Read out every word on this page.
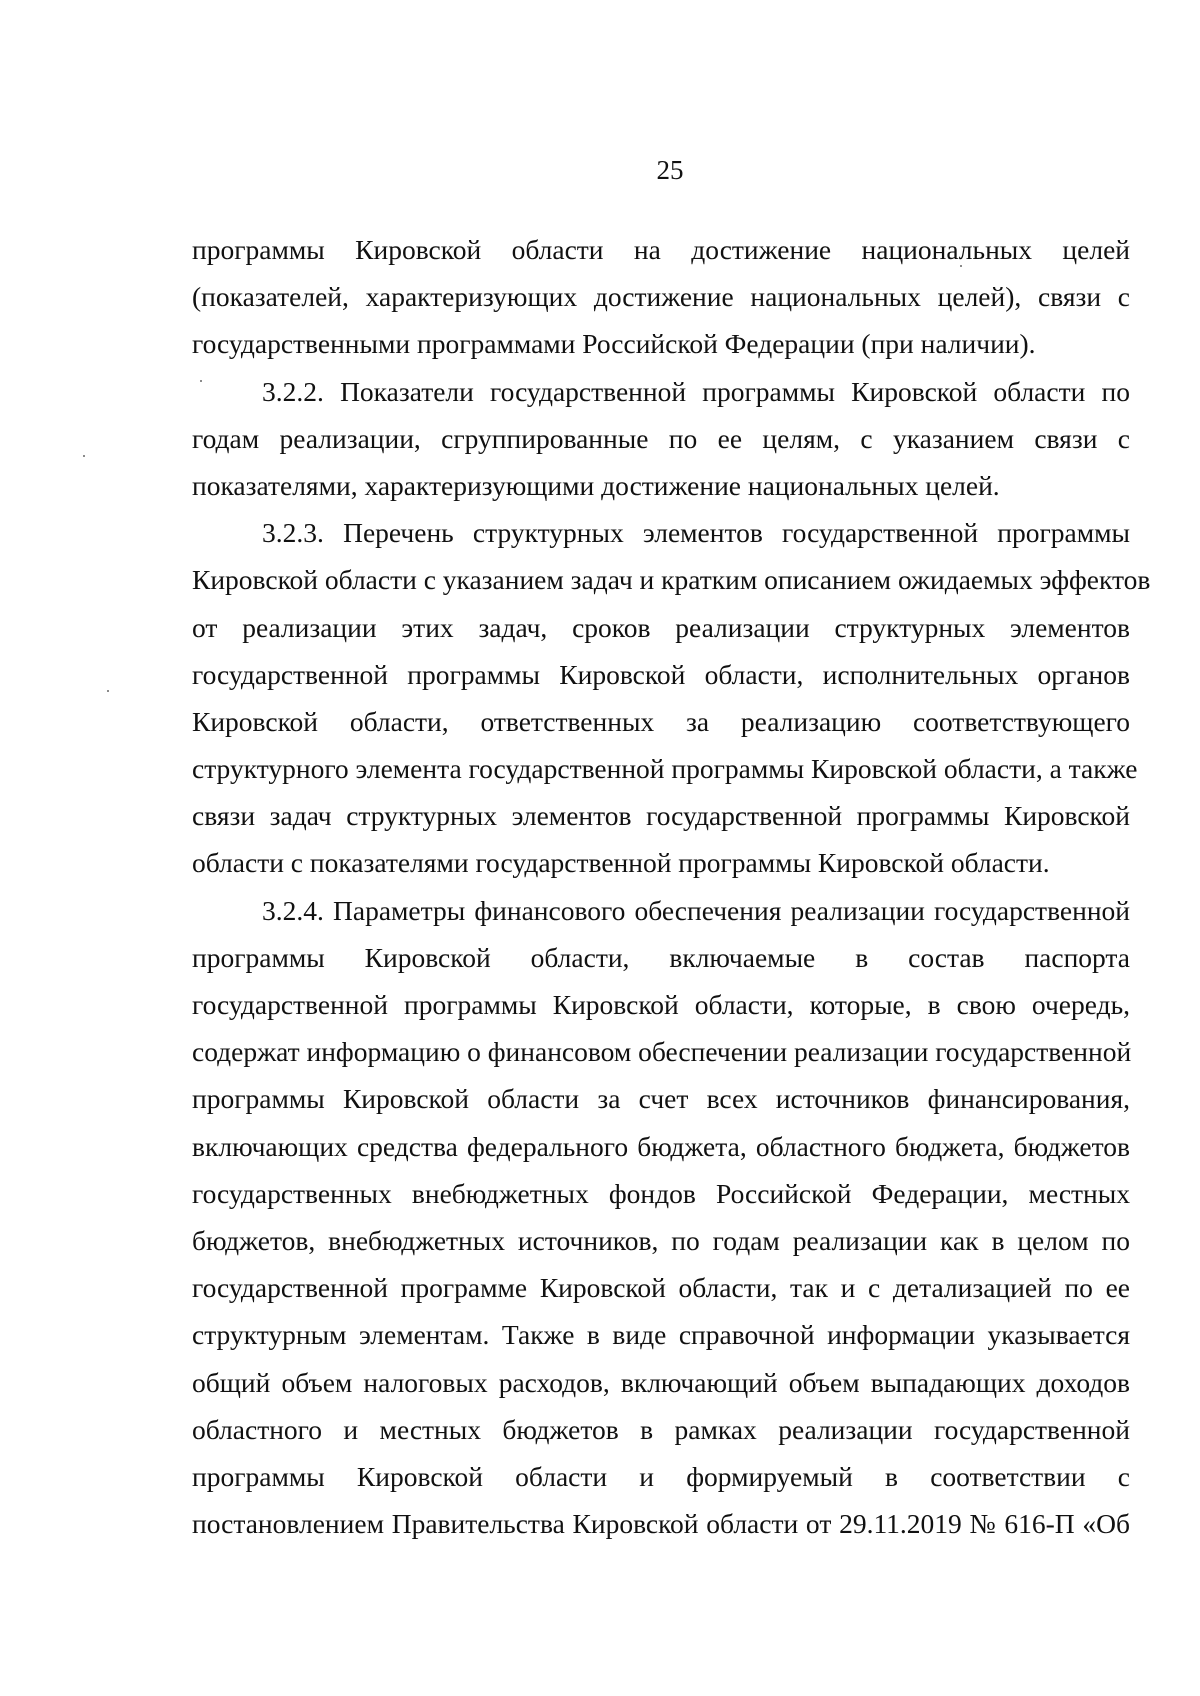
25
программы Кировской области на достижение национальных целей
(показателей, характеризующих достижение национальных целей), связи с
государственными программами Российской Федерации (при наличии).
3.2.2. Показатели государственной программы Кировской области по
годам реализации, сгруппированные по ее целям, с указанием связи с
показателями, характеризующими достижение национальных целей.
3.2.3. Перечень структурных элементов государственной программы
Кировской области с указанием задач и кратким описанием ожидаемых эффектов
от реализации этих задач, сроков реализации структурных элементов
государственной программы Кировской области, исполнительных органов
Кировской области, ответственных за реализацию соответствующего
структурного элемента государственной программы Кировской области, а также
связи задач структурных элементов государственной программы Кировской
области с показателями государственной программы Кировской области.
3.2.4. Параметры финансового обеспечения реализации государственной
программы Кировской области, включаемые в состав паспорта
государственной программы Кировской области, которые, в свою очередь,
содержат информацию о финансовом обеспечении реализации государственной
программы Кировской области за счет всех источников финансирования,
включающих средства федерального бюджета, областного бюджета, бюджетов
государственных внебюджетных фондов Российской Федерации, местных
бюджетов, внебюджетных источников, по годам реализации как в целом по
государственной программе Кировской области, так и с детализацией по ее
структурным элементам. Также в виде справочной информации указывается
общий объем налоговых расходов, включающий объем выпадающих доходов
областного и местных бюджетов в рамках реализации государственной
программы Кировской области и формируемый в соответствии с
постановлением Правительства Кировской области от 29.11.2019 № 616-П «Об
